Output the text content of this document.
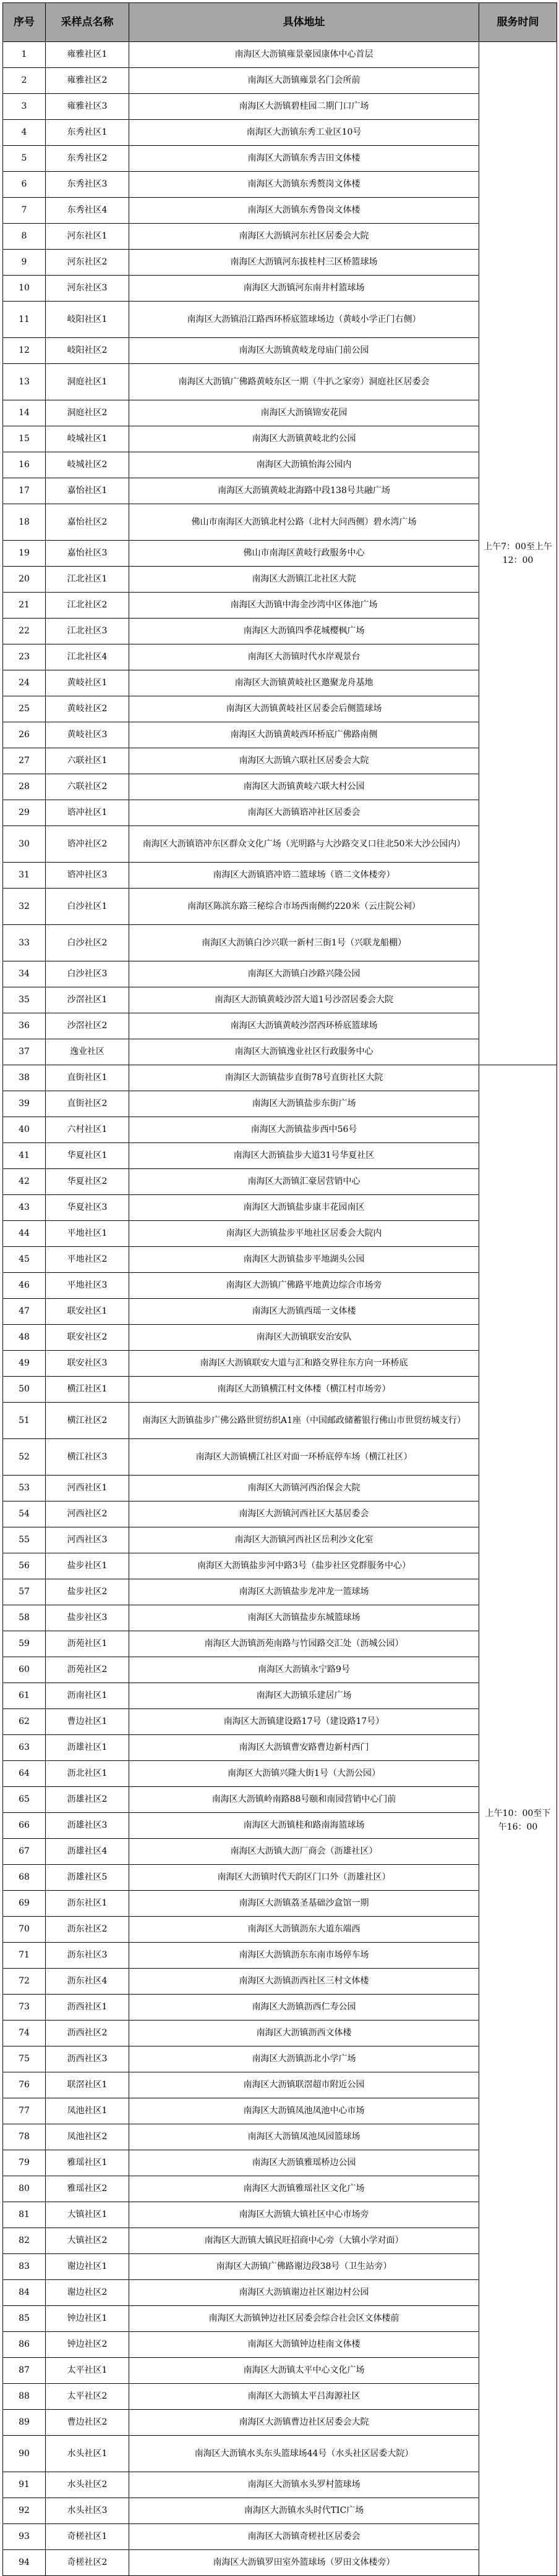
序号	采样点名称	具体地址	服务时间
1	雍雅社区1	南海区大沥镇雍景豪园康体中心首层	上午7：00至上午12：00
2	雍雅社区2	南海区大沥镇雍景名门会所前	
3	雍雅社区3	南海区大沥镇碧桂园二期门口广场	
4	东秀社区1	南海区大沥镇东秀工业区10号	
5	东秀社区2	南海区大沥镇东秀吉田文体楼	
6	东秀社区3	南海区大沥镇东秀赘岗文体楼	
7	东秀社区4	南海区大沥镇东秀鲁岗文体楼	
8	河东社区1	南海区大沥镇河东社区居委会大院	
9	河东社区2	南海区大沥镇河东拔桂村三区桥篮球场	
10	河东社区3	南海区大沥镇河东南井村篮球场	
11	岐阳社区1	南海区大沥镇沿江路西环桥底篮球场边（黄岐小学正门右侧）	
12	岐阳社区2	南海区大沥镇黄岐龙母庙门前公园	
13	洞庭社区1	南海区大沥镇广佛路黄岐东区一期（牛扒之家旁）洞庭社区居委会	
14	洞庭社区2	南海区大沥镇锦安花园	
15	岐城社区1	南海区大沥镇黄岐北约公园	
16	岐城社区2	南海区大沥镇怡海公园内	
17	嘉怡社区1	南海区大沥镇黄岐北海路中段138号共融广场	
18	嘉怡社区2	佛山市南海区大沥镇北村公路（北村大问西侧）碧水湾广场	
19	嘉怡社区3	佛山市南海区黄岐行政服务中心	
20	江北社区1	南海区大沥镇江北社区大院	
21	江北社区2	南海区大沥镇中海金沙湾中区体池广场	
22	江北社区3	南海区大沥镇四季花城樱枫广场	
23	江北社区4	南海区大沥镇时代水岸观景台	
24	黄岐社区1	南海区大沥镇黄岐社区邀聚龙舟基地	
25	黄岐社区2	南海区大沥镇黄岐社区居委会后侧篮球场	
26	黄岐社区3	南海区大沥镇黄岐西环桥底广佛路南侧	
27	六联社区1	南海区大沥镇六联社区居委会大院	
28	六联社区2	南海区大沥镇黄岐六联大村公园	
29	谘冲社区1	南海区大沥镇谘冲社区居委会	
30	谘冲社区2	南海区大沥镇谘冲东区群众文化广场（光明路与大沙路交叉口往北50米大沙公园内）	
31	谘冲社区3	南海区大沥镇谘冲谘二篮球场（谘二文体楼旁）	
32	白沙社区1	南海区陈滨东路三秘综合市场西南侧约220米（云庄院公祠）	
33	白沙社区2	南海区大沥镇白沙兴联一新村三街1号（兴联龙船棚）	
34	白沙社区3	南海区大沥镇白沙路兴隆公园	
35	沙滘社区1	南海区大沥镇黄岐沙滘大道1号沙滘居委会大院	
36	沙滘社区2	南海区大沥镇黄岐沙滘西环桥底篮球场	
37	逸业社区	南海区大沥镇逸业社区行政服务中心	
38	直街社区1	南海区大沥镇盐步直街78号直街社区大院	上午10：00至下午16：00
39	直街社区2	南海区大沥镇盐步东街广场	
40	六村社区1	南海区大沥镇盐步西中56号	
41	华夏社区1	南海区大沥镇盐步大道31号华夏社区	
42	华夏社区2	南海区大沥镇汇豪居营销中心	
43	华夏社区3	南海区大沥镇盐步康丰花园南区	
44	平地社区1	南海区大沥镇盐步平地社区居委会大院内	
45	平地社区2	南海区大沥镇盐步平地湖头公园	
46	平地社区3	南海区大沥镇广佛路平地黄边综合市场旁	
47	联安社区1	南海区大沥镇西瑶一文体楼	
48	联安社区2	南海区大沥镇联安治安队	
49	联安社区3	南海区大沥镇联安大道与汇和路交界往东方向一环桥底	
50	横江社区1	南海区大沥镇横江村文体楼（横江村市场旁）	
51	横江社区2	南海区大沥镇盐步广佛公路世贸纺织A1座（中国邮政储蓄银行佛山市世贸纺城支行）	
52	横江社区3	南海区大沥镇横江社区对面一环桥底停车场（横江社区）	
53	河西社区1	南海区大沥镇河西治保会大院	
54	河西社区2	南海区大沥镇河西社区大基居委会	
55	河西社区3	南海区大沥镇河西社区岳利沙文化室	
56	盐步社区1	南海区大沥镇盐步河中路3号（盐步社区党群服务中心）	
57	盐步社区2	南海区大沥镇盐步龙冲龙一篮球场	
58	盐步社区3	南海区大沥镇盐步东城篮球场	
59	沥苑社区1	南海区大沥镇沥苑南路与竹园路交汇处（沥城公园）	
60	沥苑社区2	南海区大沥镇永宁路9号	
61	沥南社区1	南海区大沥镇乐建居广场	
62	曹边社区1	南海区大沥镇建设路17号（建设路17号）	
63	沥雄社区1	南海区大沥镇曹安路曹边新村西门	
64	沥北社区1	南海区大沥镇兴隆大街1号（大沥公园）	
65	沥雄社区2	南海区大沥镇岭南路88号颐和南园营销中心门前	
66	沥雄社区3	南海区大沥镇桂和路南海篮球场	
67	沥雄社区4	南海区大沥镇大沥厂商会（沥雄社区）	
68	沥雄社区5	南海区大沥镇时代天韵区门口外（沥雄社区）	
69	沥东社区1	南海区大沥镇荔圣基础沙盒馆一期	
70	沥东社区2	南海区大沥镇沥东大道东端西	
71	沥东社区3	南海区大沥镇沥东东南市场停车场	
72	沥东社区4	南海区大沥镇沥西社区三村文体楼	
73	沥西社区1	南海区大沥镇沥西仁寿公园	
74	沥西社区2	南海区大沥镇沥西文体楼	
75	沥西社区3	南海区大沥镇沥北小学广场	
76	联滘社区1	南海区大沥镇联滘超市附近公园	
77	凤池社区1	南海区大沥镇凤池凤池中心市场	
78	凤池社区2	南海区大沥镇凤池凤园篮球场	
79	雅瑶社区1	南海区大沥镇雅瑶桥边公园	
80	雅瑶社区2	南海区大沥镇雅瑶社区文化广场	
81	大镇社区1	南海区大沥镇大镇社区中心市场旁	
82	大镇社区2	南海区大沥镇大镇民旺招商中心旁（大镇小学对面）	
83	谢边社区1	南海区大沥镇广佛路谢边段38号（卫生站旁）	
84	谢边社区2	南海区大沥镇谢边社区谢边村公园	
85	钟边社区1	南海区大沥镇钟边社区居委会综合社会区文体楼前	
86	钟边社区2	南海区大沥镇钟边桂南文体楼	
87	太平社区1	南海区大沥镇太平中心文化广场	
88	太平社区2	南海区大沥镇太平吕海源社区	
89	曹边社区2	南海区大沥镇曹边社区居委会大院	
90	水头社区1	南海区大沥镇水头东头篮球场44号（水头社区居委大院）	
91	水头社区2	南海区大沥镇水头罗村篮球场	
92	水头社区3	南海区大沥镇水头时代TIC广场	
93	奇槎社区1	南海区大沥镇奇槎社区居委会	
94	奇槎社区2	南海区大沥镇罗田室外篮球场（罗田文体楼旁）	
